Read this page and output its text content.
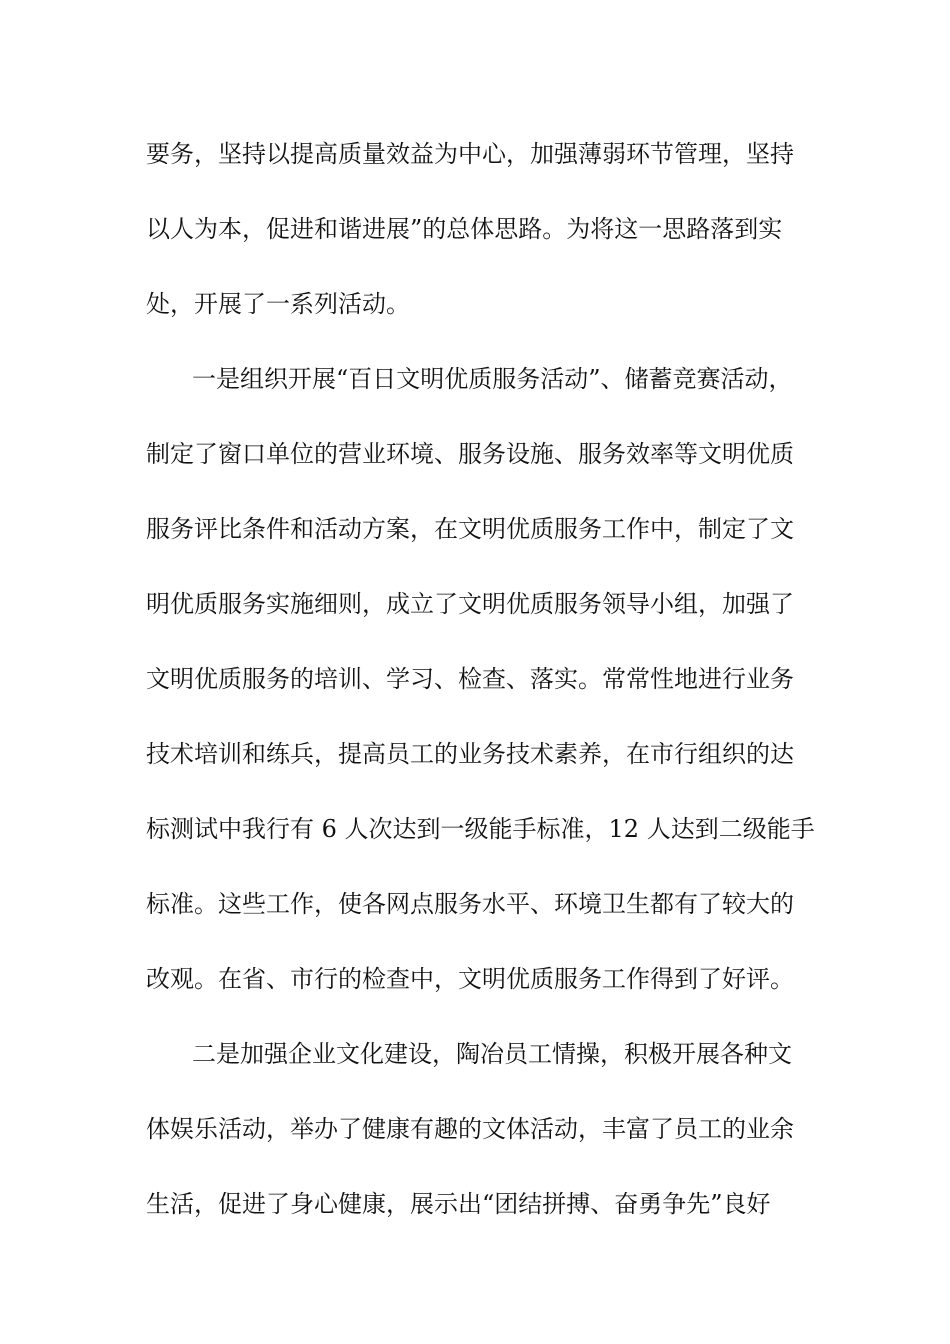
要务，坚持以提高质量效益为中心，加强薄弱环节管理，坚持

以人为本，促进和谐进展”的总体思路。为将这一思路落到实

处，开展了一系列活动。

一是组织开展“百日文明优质服务活动”、储蓄竞赛活动，

制定了窗口单位的营业环境、服务设施、服务效率等文明优质

服务评比条件和活动方案，在文明优质服务工作中，制定了文

明优质服务实施细则，成立了文明优质服务领导小组，加强了

文明优质服务的培训、学习、检查、落实。常常性地进行业务

技术培训和练兵，提高员工的业务技术素养，在市行组织的达

标测试中我行有 6 人次达到一级能手标准，12 人达到二级能手

标准。这些工作，使各网点服务水平、环境卫生都有了较大的

改观。在省、市行的检查中，文明优质服务工作得到了好评。

二是加强企业文化建设，陶冶员工情操，积极开展各种文

体娱乐活动，举办了健康有趣的文体活动，丰富了员工的业余

生活，促进了身心健康，展示出“团结拼搏、奋勇争先”良好
